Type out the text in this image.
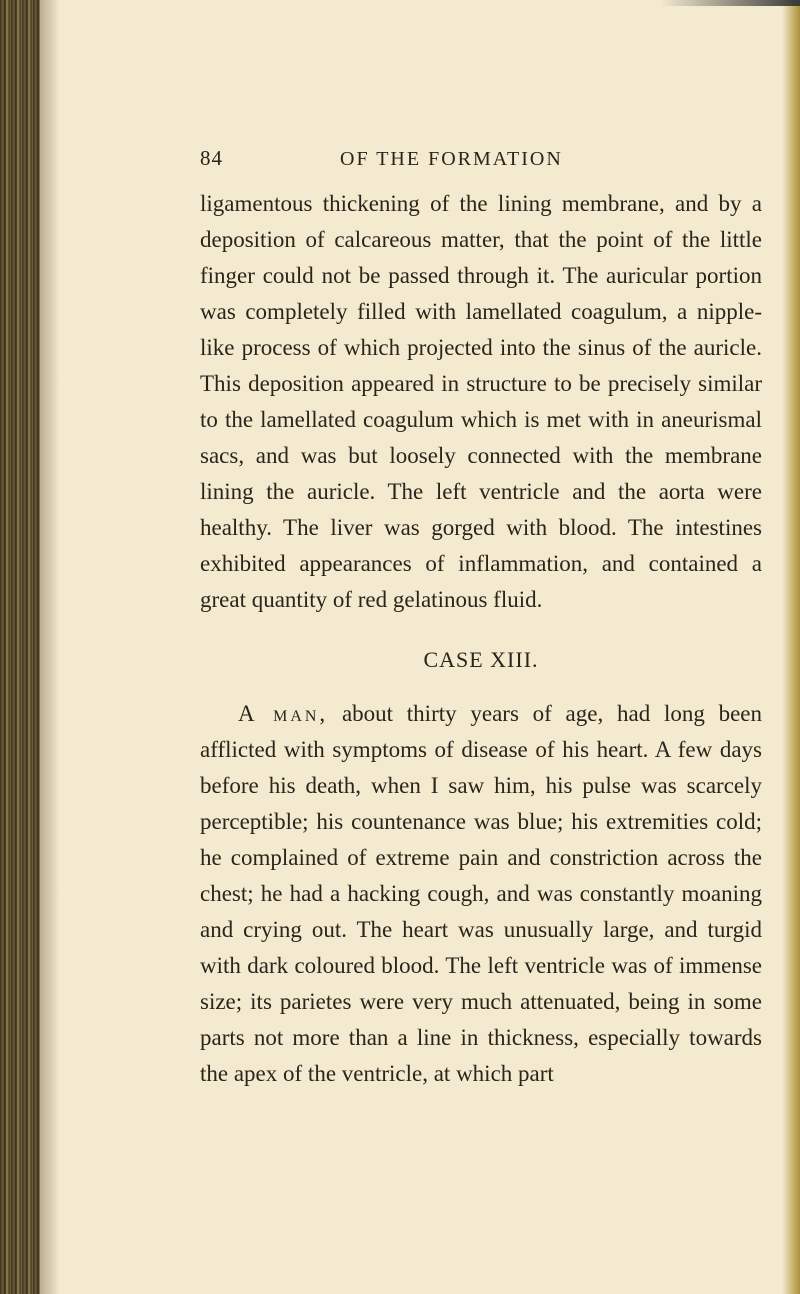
84	OF THE FORMATION

ligamentous thickening of the lining membrane, and by a deposition of calcareous matter, that the point of the little finger could not be passed through it. The auricular portion was completely filled with lamellated coagulum, a nipple-like process of which projected into the sinus of the auricle. This deposition appeared in structure to be precisely similar to the lamellated coagulum which is met with in aneurismal sacs, and was but loosely connected with the membrane lining the auricle. The left ventricle and the aorta were healthy. The liver was gorged with blood. The intestines exhibited appearances of inflammation, and contained a great quantity of red gelatinous fluid.

CASE XIII.

A man, about thirty years of age, had long been afflicted with symptoms of disease of his heart. A few days before his death, when I saw him, his pulse was scarcely perceptible; his countenance was blue; his extremities cold; he complained of extreme pain and constriction across the chest; he had a hacking cough, and was constantly moaning and crying out. The heart was unusually large, and turgid with dark coloured blood. The left ventricle was of immense size; its parietes were very much attenuated, being in some parts not more than a line in thickness, especially towards the apex of the ventricle, at which part
